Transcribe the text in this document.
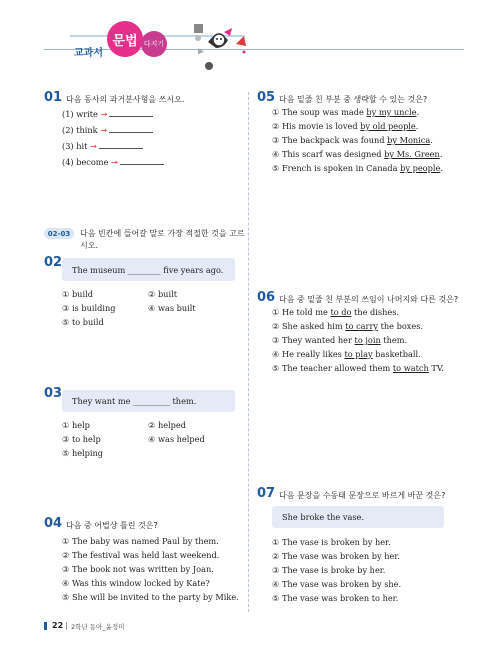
교과서
문법 다지기
01 다음 동사의 과거분사형을 쓰시오.
(1) write →
(2) think →
(3) hit →
(4) become →
02-03	다음 빈칸에 들어갈 말로 가장 적절한 것을 고르
시오.
02	The museum ________ five years ago.
① build	② built
③ is building	④ was built
⑤ to build
03	They want me _________ them.
① help	② helped
③ to help	④ was helped
⑤ helping
04 다음 중 어법상 틀린 것은?
① The baby was named Paul by them.
② The festival was held last weekend.
③ The book not was written by Joan.
④ Was this window locked by Kate?
⑤ She will be invited to the party by Mike.
05 다음 밑줄 친 부분 중 생략할 수 있는 것은?
① The soup was made by my uncle.
② His movie is loved by old people.
③ The backpack was found by Monica.
④ This scarf was designed by Ms. Green.
⑤ French is spoken in Canada by people.
06 다음 중 밑줄 친 부분의 쓰임이 나머지와 다른 것은?
① He told me to do the dishes.
② She asked him to carry the boxes.
③ They wanted her to join them.
④ He really likes to play basketball.
⑤ The teacher allowed them to watch TV.
07 다음 문장을 수동태 문장으로 바르게 바꾼 것은?
She broke the vase.
① The vase is broken by her.
② The vase was broken by her.
③ The vase is broke by her.
④ The vase was broken by she.
⑤ The vase was broken to her.
22 2학년 동아_윤정미
